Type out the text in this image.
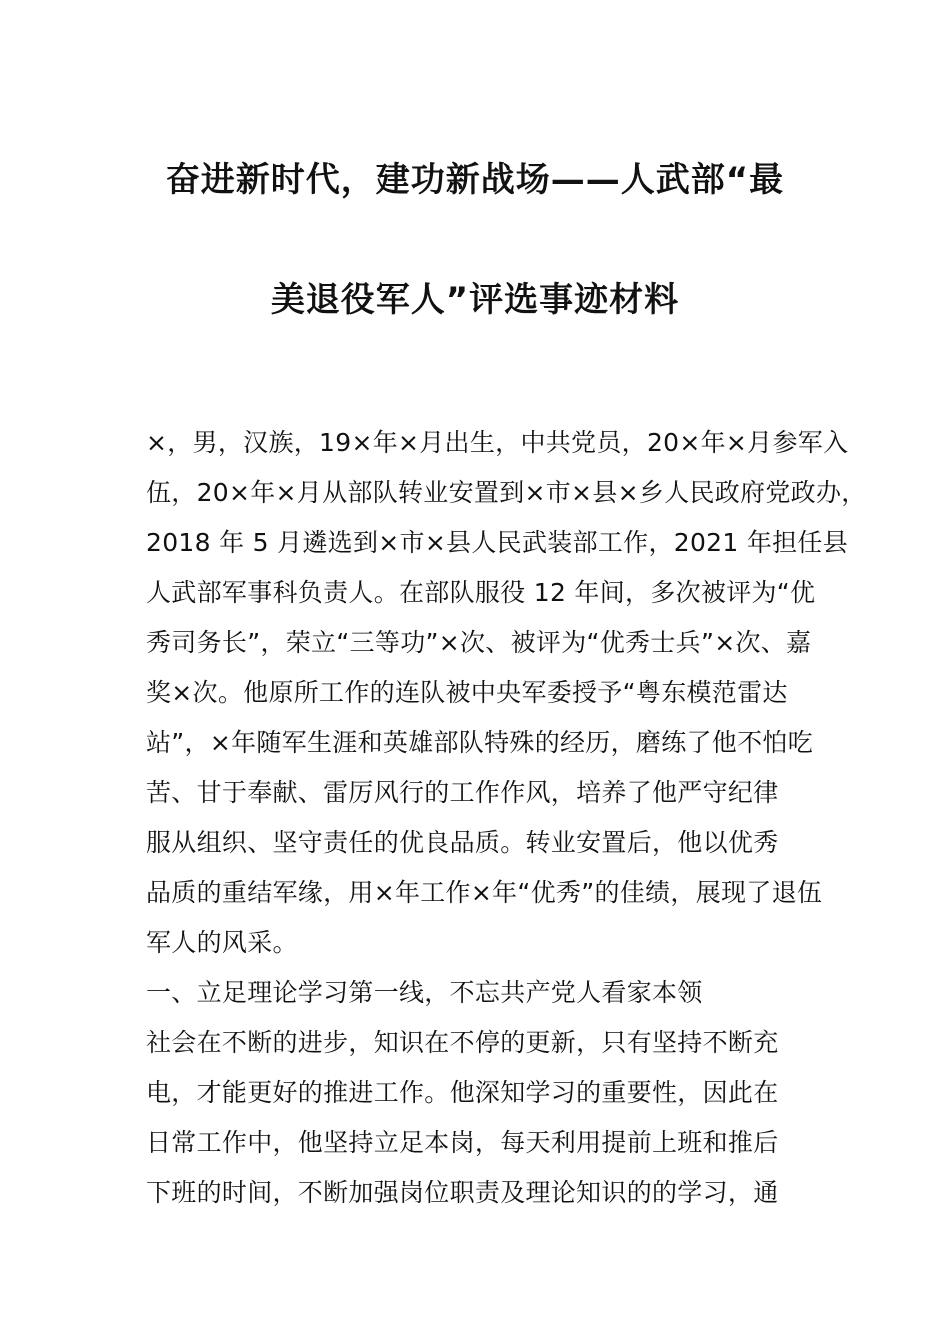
奋进新时代，建功新战场——人武部“最
美退役军人”评选事迹材料
×，男，汉族，19×年×月出生，中共党员，20×年×月参军入
伍，20×年×月从部队转业安置到×市×县×乡人民政府党政办，
2018 年 5 月遴选到×市×县人民武装部工作，2021 年担任县
人武部军事科负责人。在部队服役 12 年间，多次被评为“优
秀司务长”，荣立“三等功”×次、被评为“优秀士兵”×次、嘉
奖×次。他原所工作的连队被中央军委授予“粤东模范雷达
站”，×年随军生涯和英雄部队特殊的经历，磨练了他不怕吃
苦、甘于奉献、雷厉风行的工作作风，培养了他严守纪律
服从组织、坚守责任的优良品质。转业安置后，他以优秀
品质的重结军缘，用×年工作×年“优秀”的佳绩，展现了退伍
军人的风采。
一、立足理论学习第一线，不忘共产党人看家本领
社会在不断的进步，知识在不停的更新，只有坚持不断充
电，才能更好的推进工作。他深知学习的重要性，因此在
日常工作中，他坚持立足本岗，每天利用提前上班和推后
下班的时间，不断加强岗位职责及理论知识的的学习，通
